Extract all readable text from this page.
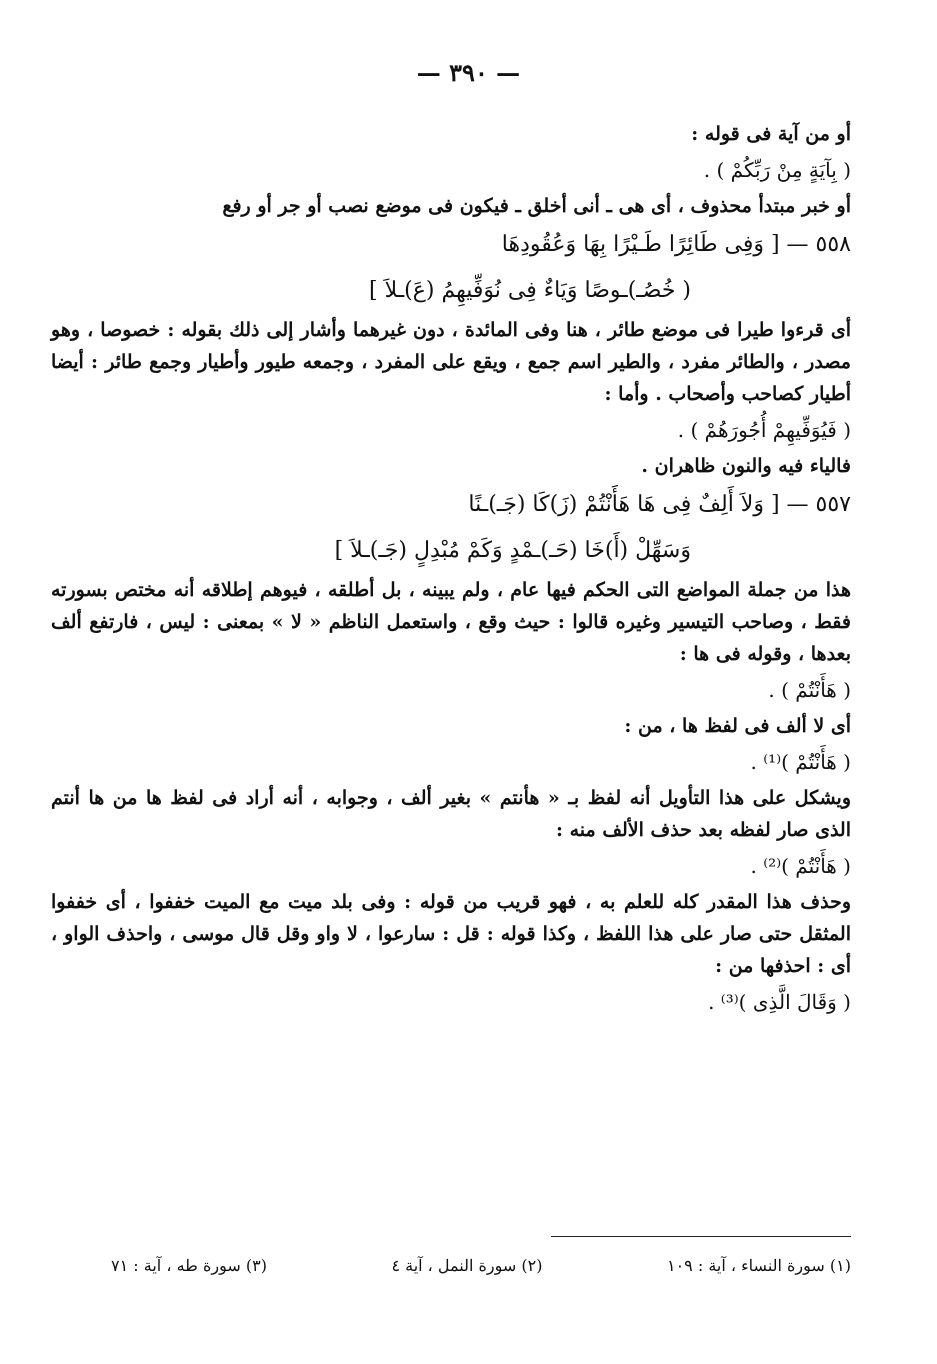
— ٣٩٠ —

أو من آية فى قوله :

( بِآيَةٍ مِنْ رَبِّكُمْ ) .

أو خبر مبتدأ محذوف ، أى هى ـ أنى أخلق ـ فيكون فى موضع نصب أو جر أو رفع

٥٥٨ — [ وَفِى طَائِرًا طَـيْرًا بِهَا وَعُقُودِهَا

( خُصُـ)ـوصًا وَيَاءٌ فِى نُوَفِّيهِمُ (عَ)ـلاَ ]

أى قرءوا طيرا فى موضع طائر ، هنا وفى المائدة ، دون غيرهما وأشار إلى ذلك بقوله : خصوصا ، وهو مصدر ، والطائر مفرد ، والطير اسم جمع ، ويقع على المفرد ، وجمعه طيور وأطيار وجمع طائر : أيضا أطيار كصاحب وأصحاب . وأما :

( فَيُوَفِّيهِمْ أُجُورَهُمْ ) .

فالياء فيه والنون ظاهران .

٥٥٧ — [ وَلاَ أَلِفٌ فِى هَا هَأَنْتُمْ (زَ)كَا (جَـ)ـنًا

وَسَهِّلْ (أَ)خَا (حَـ)ـمْدٍ وَكَمْ مُبْدِلٍ (جَـ)ـلاَ ]

هذا من جملة المواضع التى الحكم فيها عام ، ولم يبينه ، بل أطلقه ، فيوهم إطلاقه أنه مختص بسورته فقط ، وصاحب التيسير وغيره قالوا : حيث وقع ، واستعمل الناظم « لا » بمعنى : ليس ، فارتفع ألف بعدها ، وقوله فى ها :

( هَأَنْتُمْ ) .

أى لا ألف فى لفظ ها ، من :

( هَأَنْتُمْ )⁽¹⁾ .

ويشكل على هذا التأويل أنه لفظ بـ « هأنتم » بغير ألف ، وجوابه ، أنه أراد فى لفظ ها من ها أنتم الذى صار لفظه بعد حذف الألف منه :

( هَأَنْتُمْ )⁽²⁾ .

وحذف هذا المقدر كله للعلم به ، فهو قريب من قوله : وفى بلد ميت مع الميت خففوا ، أى خففوا المثقل حتى صار على هذا اللفظ ، وكذا قوله : قل : سارعوا ، لا واو وقل قال موسى ، واحذف الواو ، أى : احذفها من :

( وَقَالَ الَّذِى )⁽³⁾ .

(١) سورة النساء ، آية : ١٠٩
(٢) سورة النمل ، آية ٤
(٣) سورة طه ، آية : ٧١
